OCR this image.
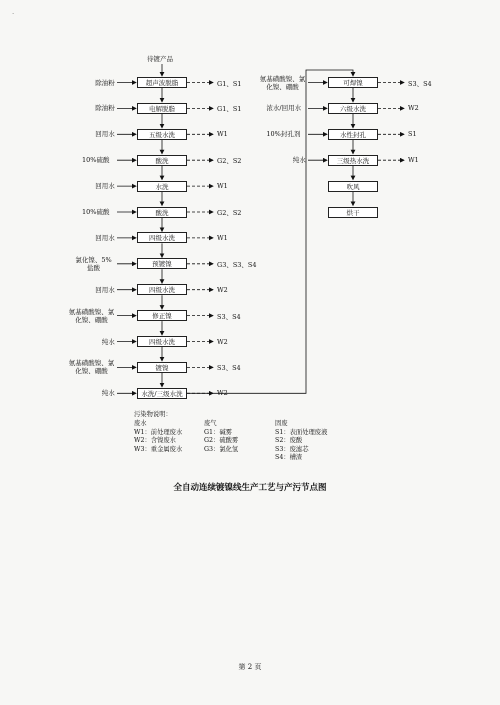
·
待镀产品
超声波脱脂
除油粉	G1、S1
电解脱脂
除油粉	G1、S1
五级水洗
回用水	W1
酸洗
10%硫酸	G2、S2
水洗
回用水	W1
酸洗
10%硫酸	G2、S2
四级水洗
回用水	W1
预镀镍
氯化镍、5%
盐酸	G3、S3、S4
四级水洗
回用水	W2
修正镍
氨基磺酸镍、氯
化镍、硼酸	S3、S4
四级水洗
纯水	W2
镀镍
氨基磺酸镍、氯
化镍、硼酸	S3、S4
水洗/三级水洗
纯水	W2
可焊镍
氨基磺酸镍、氯
化镍、硼酸	S3、S4
六级水洗
浓水/回用水	W2
水性封孔
10%封孔剂	S1
三级热水洗
纯水	W1
吹风
烘干
污染物说明：
废水
W1：前处理废水
W2：含镍废水
W3：重金属废水
废气
G1：碱雾
G2：硫酸雾
G3：氯化氢
固废
S1：表面处理废液
S2：废酸
S3：废滤芯
S4：槽渣
全自动连续镀镍线生产工艺与产污节点图
第 2 页
